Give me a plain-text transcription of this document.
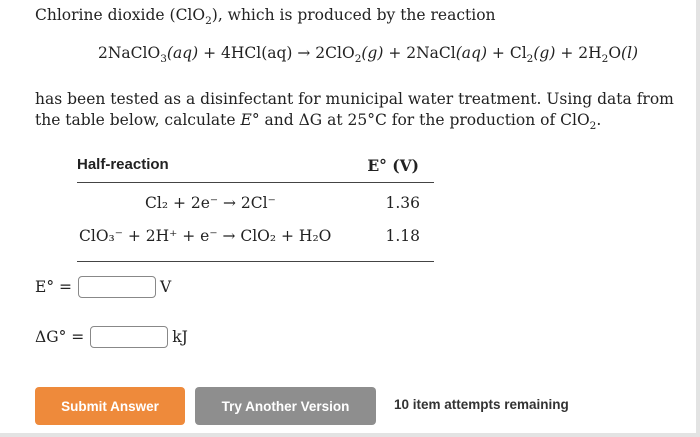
Chlorine dioxide (ClO$_2$), which is produced by the reaction
2NaClO$_3$(aq) + 4HCl(aq) → 2ClO$_2$(g) + 2NaCl(aq) + $Cl_2(g) + 2H_2O(l)$
has been tested as a disinfectant for municipal water treatment. Using data from the table below, calculate E° and ΔG at 25°C for the production of ClO$_2$.
Half-reaction	E° (V)
Cl₂ + 2e⁻ → 2Cl⁻	1.36
ClO₃⁻ + 2H⁺ + e⁻ → ClO₂ + H₂O	1.18
E° =	V
ΔG° =	kJ
Submit Answer	Try Another Version	10 item attempts remaining
